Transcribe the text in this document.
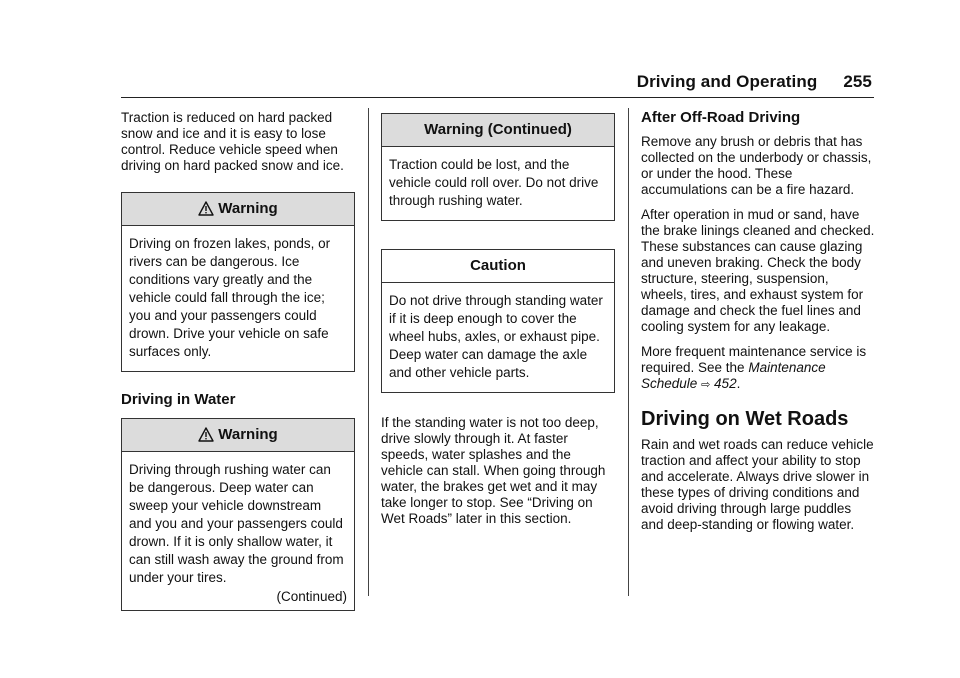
Driving and Operating 255

Traction is reduced on hard packed snow and ice and it is easy to lose control. Reduce vehicle speed when driving on hard packed snow and ice.

Warning
Driving on frozen lakes, ponds, or rivers can be dangerous. Ice conditions vary greatly and the vehicle could fall through the ice; you and your passengers could drown. Drive your vehicle on safe surfaces only.
Driving in Water
Warning
Driving through rushing water can be dangerous. Deep water can sweep your vehicle downstream and you and your passengers could drown. If it is only shallow water, it can still wash away the ground from under your tires.
(Continued)
Warning (Continued)
Traction could be lost, and the vehicle could roll over. Do not drive through rushing water.
Caution
Do not drive through standing water if it is deep enough to cover the wheel hubs, axles, or exhaust pipe. Deep water can damage the axle and other vehicle parts.

If the standing water is not too deep, drive slowly through it. At faster speeds, water splashes and the vehicle can stall. When going through water, the brakes get wet and it may take longer to stop. See “Driving on Wet Roads” later in this section.

After Off-Road Driving

Remove any brush or debris that has collected on the underbody or chassis, or under the hood. These accumulations can be a fire hazard.

After operation in mud or sand, have the brake linings cleaned and checked. These substances can cause glazing and uneven braking. Check the body structure, steering, suspension, wheels, tires, and exhaust system for damage and check the fuel lines and cooling system for any leakage.

More frequent maintenance service is required. See the Maintenance Schedule ⇨ 452.

Driving on Wet Roads

Rain and wet roads can reduce vehicle traction and affect your ability to stop and accelerate. Always drive slower in these types of driving conditions and avoid driving through large puddles and deep-standing or flowing water.
